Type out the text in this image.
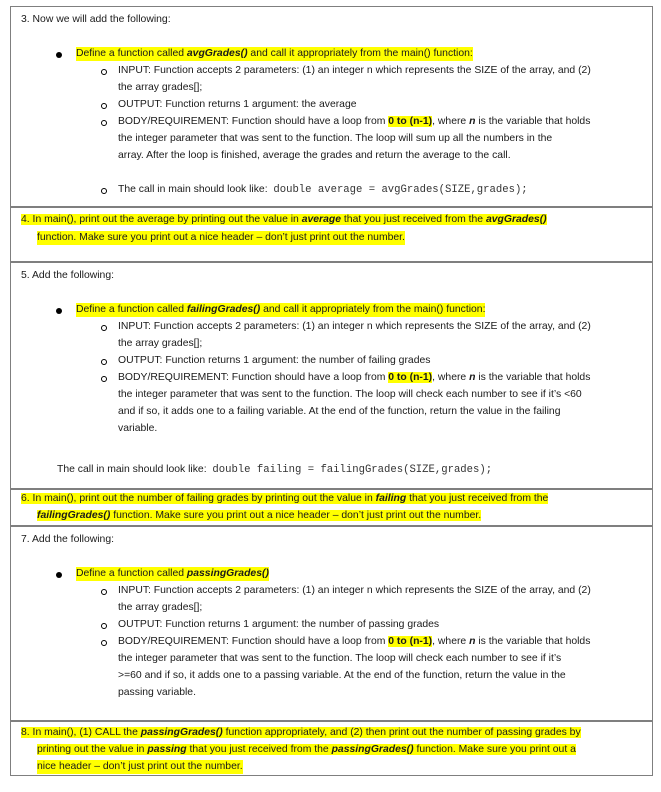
3. Now we will add the following:
Define a function called avgGrades() and call it appropriately from the main() function:
INPUT: Function accepts 2 parameters: (1) an integer n which represents the SIZE of the array, and (2)
the array grades[];
OUTPUT: Function returns 1 argument: the average
BODY/REQUIREMENT: Function should have a loop from 0 to (n-1), where n is the variable that holds
the integer parameter that was sent to the function. The loop will sum up all the numbers in the
array. After the loop is finished, average the grades and return the average to the call.
The call in main should look like: double average = avgGrades(SIZE,grades);
4. In main(), print out the average by printing out the value in average that you just received from the avgGrades()
function. Make sure you print out a nice header – don’t just print out the number.
5. Add the following:
Define a function called failingGrades() and call it appropriately from the main() function:
INPUT: Function accepts 2 parameters: (1) an integer n which represents the SIZE of the array, and (2)
the array grades[];
OUTPUT: Function returns 1 argument: the number of failing grades
BODY/REQUIREMENT: Function should have a loop from 0 to (n-1), where n is the variable that holds
the integer parameter that was sent to the function. The loop will check each number to see if it’s <60
and if so, it adds one to a failing variable. At the end of the function, return the value in the failing
variable.
The call in main should look like: double failing = failingGrades(SIZE,grades);
6. In main(), print out the number of failing grades by printing out the value in failing that you just received from the
failingGrades() function. Make sure you print out a nice header – don’t just print out the number.
7. Add the following:
Define a function called passingGrades()
INPUT: Function accepts 2 parameters: (1) an integer n which represents the SIZE of the array, and (2)
the array grades[];
OUTPUT: Function returns 1 argument: the number of passing grades
BODY/REQUIREMENT: Function should have a loop from 0 to (n-1), where n is the variable that holds
the integer parameter that was sent to the function. The loop will check each number to see if it’s
>=60 and if so, it adds one to a passing variable. At the end of the function, return the value in the
passing variable.
8. In main(), (1) CALL the passingGrades() function appropriately, and (2) then print out the number of passing grades by
printing out the value in passing that you just received from the passingGrades() function. Make sure you print out a
nice header – don’t just print out the number.
